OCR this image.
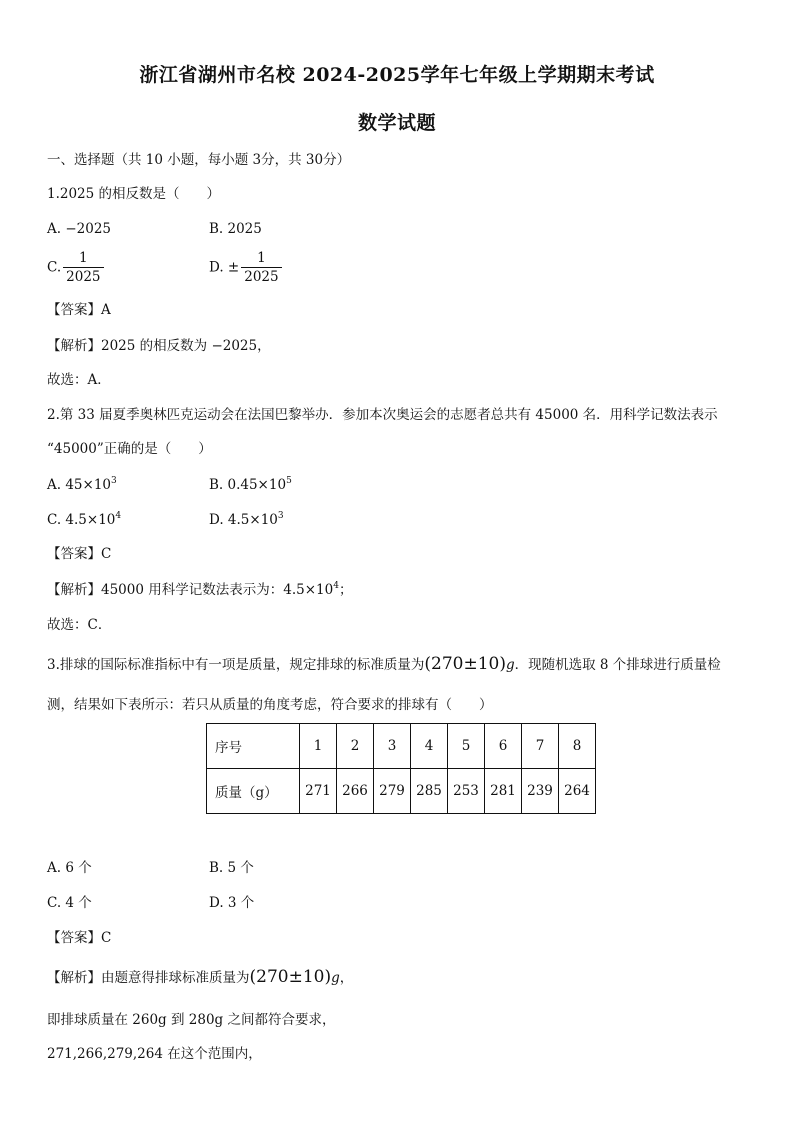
浙江省湖州市名校 2024-2025学年七年级上学期期末考试
数学试题
一、选择题（共 10 小题，每小题 3分，共 30分）
1.2025 的相反数是（　　）
A. −2025	B. 2025
C. $\frac{1}{2025}$	D. ± $\frac{1}{2025}$
【答案】A
【解析】2025 的相反数为 −2025，
故选：A．
2.第 33 届夏季奥林匹克运动会在法国巴黎举办．参加本次奥运会的志愿者总共有 45000 名．用科学记数法表示
“45000”正确的是（　　）
A. $45\times 10^3$	B. $0.45\times 10^5$
C. $4.5\times 10^4$	D. $4.5\times 10^3$
【答案】C
【解析】45000 用科学记数法表示为：$4.5\times 10^4$；
故选：C．
3.排球的国际标准指标中有一项是质量，规定排球的标准质量为(270±10)g．现随机选取 8 个排球进行质量检
测，结果如下表所示：若只从质量的角度考虑，符合要求的排球有（　　）
序号	1	2	3	4	5	6	7	8
质量（g）	271	266	279	285	253	281	239	264
A. 6 个	B. 5 个
C. 4 个	D. 3 个
【答案】C
【解析】由题意得排球标准质量为(270±10)g，
即排球质量在 260g 到 280g 之间都符合要求，
271,266,279,264 在这个范围内，
